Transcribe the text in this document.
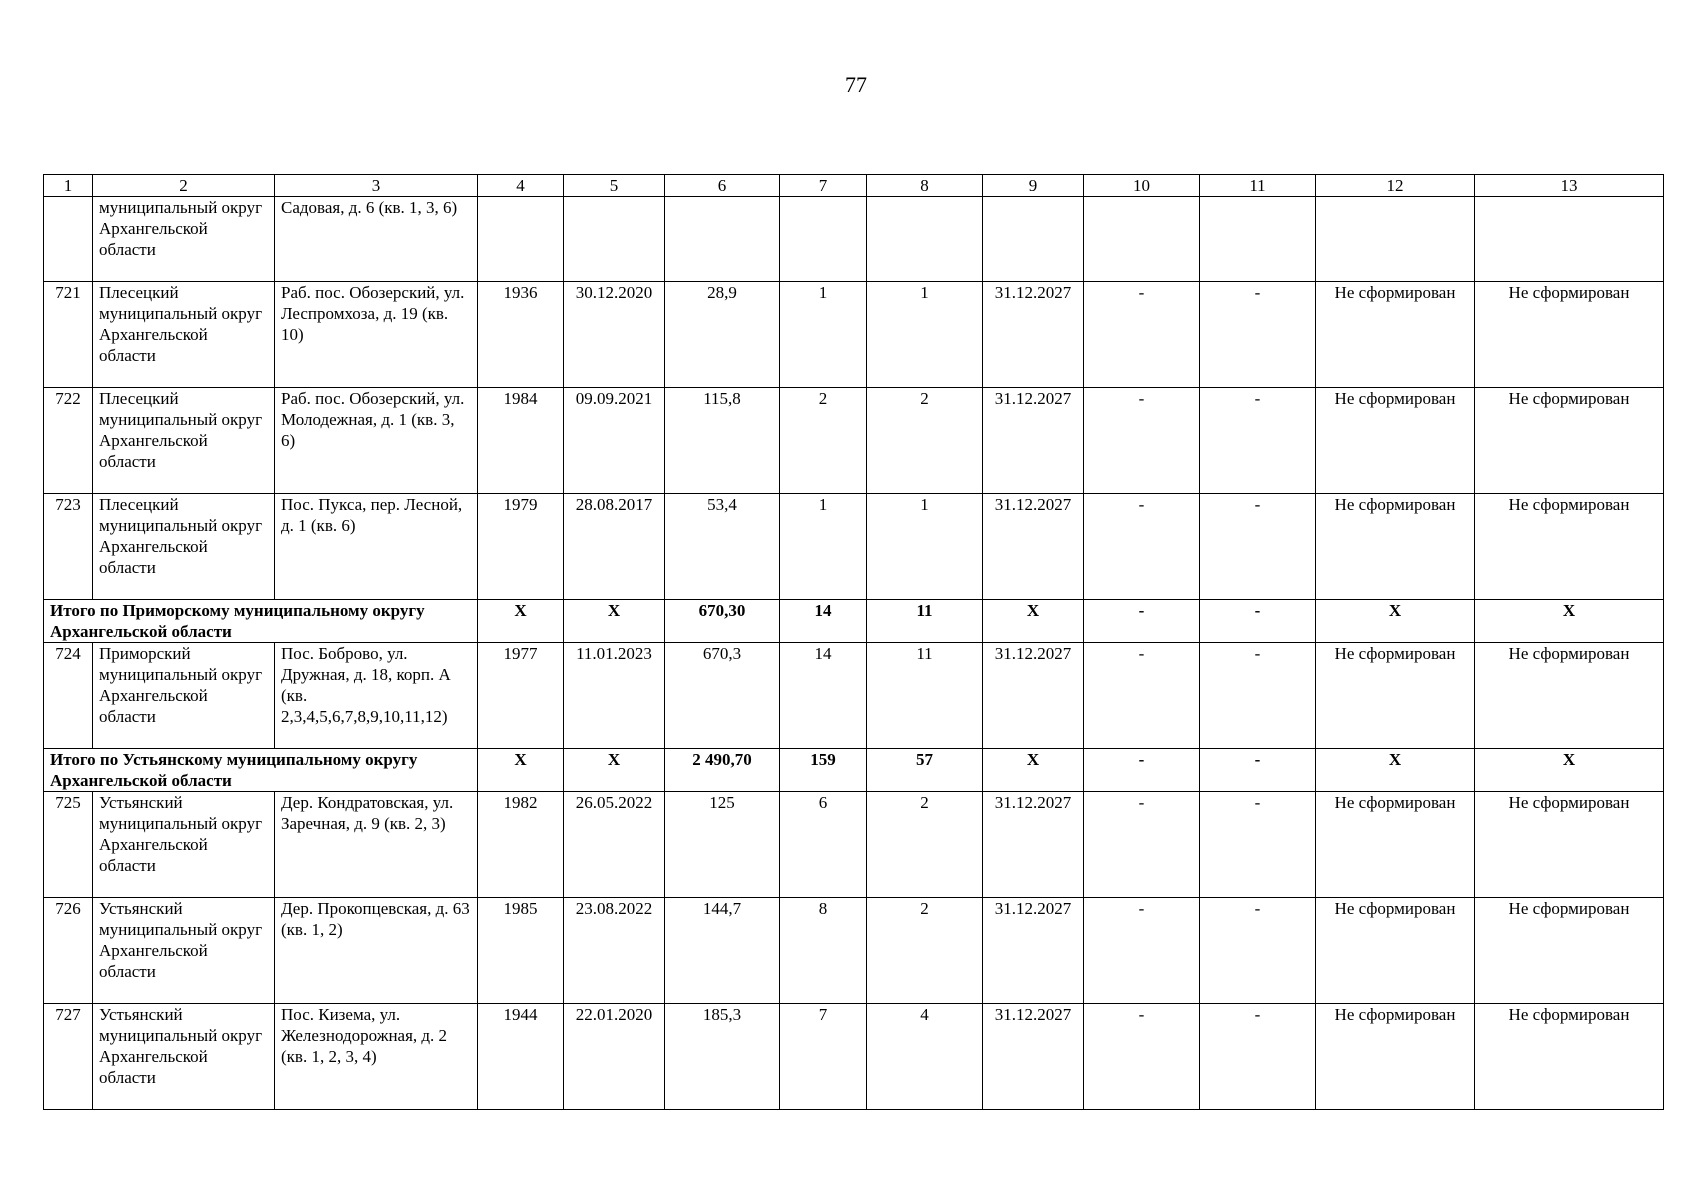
77
1	2	3	4	5	6	7	8	9	10	11	12	13
	муниципальный округ Архангельской области	Садовая, д. 6 (кв. 1, 3, 6)										
721	Плесецкий муниципальный округ Архангельской области	Раб. пос. Обозерский, ул. Леспромхоза, д. 19 (кв. 10)	1936	30.12.2020	28,9	1	1	31.12.2027	-	-	Не сформирован	Не сформирован
722	Плесецкий муниципальный округ Архангельской области	Раб. пос. Обозерский, ул. Молодежная, д. 1 (кв. 3, 6)	1984	09.09.2021	115,8	2	2	31.12.2027	-	-	Не сформирован	Не сформирован
723	Плесецкий муниципальный округ Архангельской области	Пос. Пукса, пер. Лесной, д. 1 (кв. 6)	1979	28.08.2017	53,4	1	1	31.12.2027	-	-	Не сформирован	Не сформирован
Итого по Приморскому муниципальному округу Архангельской области			X	X	670,30	14	11	X	-	-	X	X
724	Приморский муниципальный округ Архангельской области	Пос. Боброво, ул. Дружная, д. 18, корп. А (кв. 2,3,4,5,6,7,8,9,10,11,12)	1977	11.01.2023	670,3	14	11	31.12.2027	-	-	Не сформирован	Не сформирован
Итого по Устьянскому муниципальному округу Архангельской области			X	X	2 490,70	159	57	X	-	-	X	X
725	Устьянский муниципальный округ Архангельской области	Дер. Кондратовская, ул. Заречная, д. 9 (кв. 2, 3)	1982	26.05.2022	125	6	2	31.12.2027	-	-	Не сформирован	Не сформирован
726	Устьянский муниципальный округ Архангельской области	Дер. Прокопцевская, д. 63 (кв. 1, 2)	1985	23.08.2022	144,7	8	2	31.12.2027	-	-	Не сформирован	Не сформирован
727	Устьянский муниципальный округ Архангельской области	Пос. Кизема, ул. Железнодорожная, д. 2 (кв. 1, 2, 3, 4)	1944	22.01.2020	185,3	7	4	31.12.2027	-	-	Не сформирован	Не сформирован
